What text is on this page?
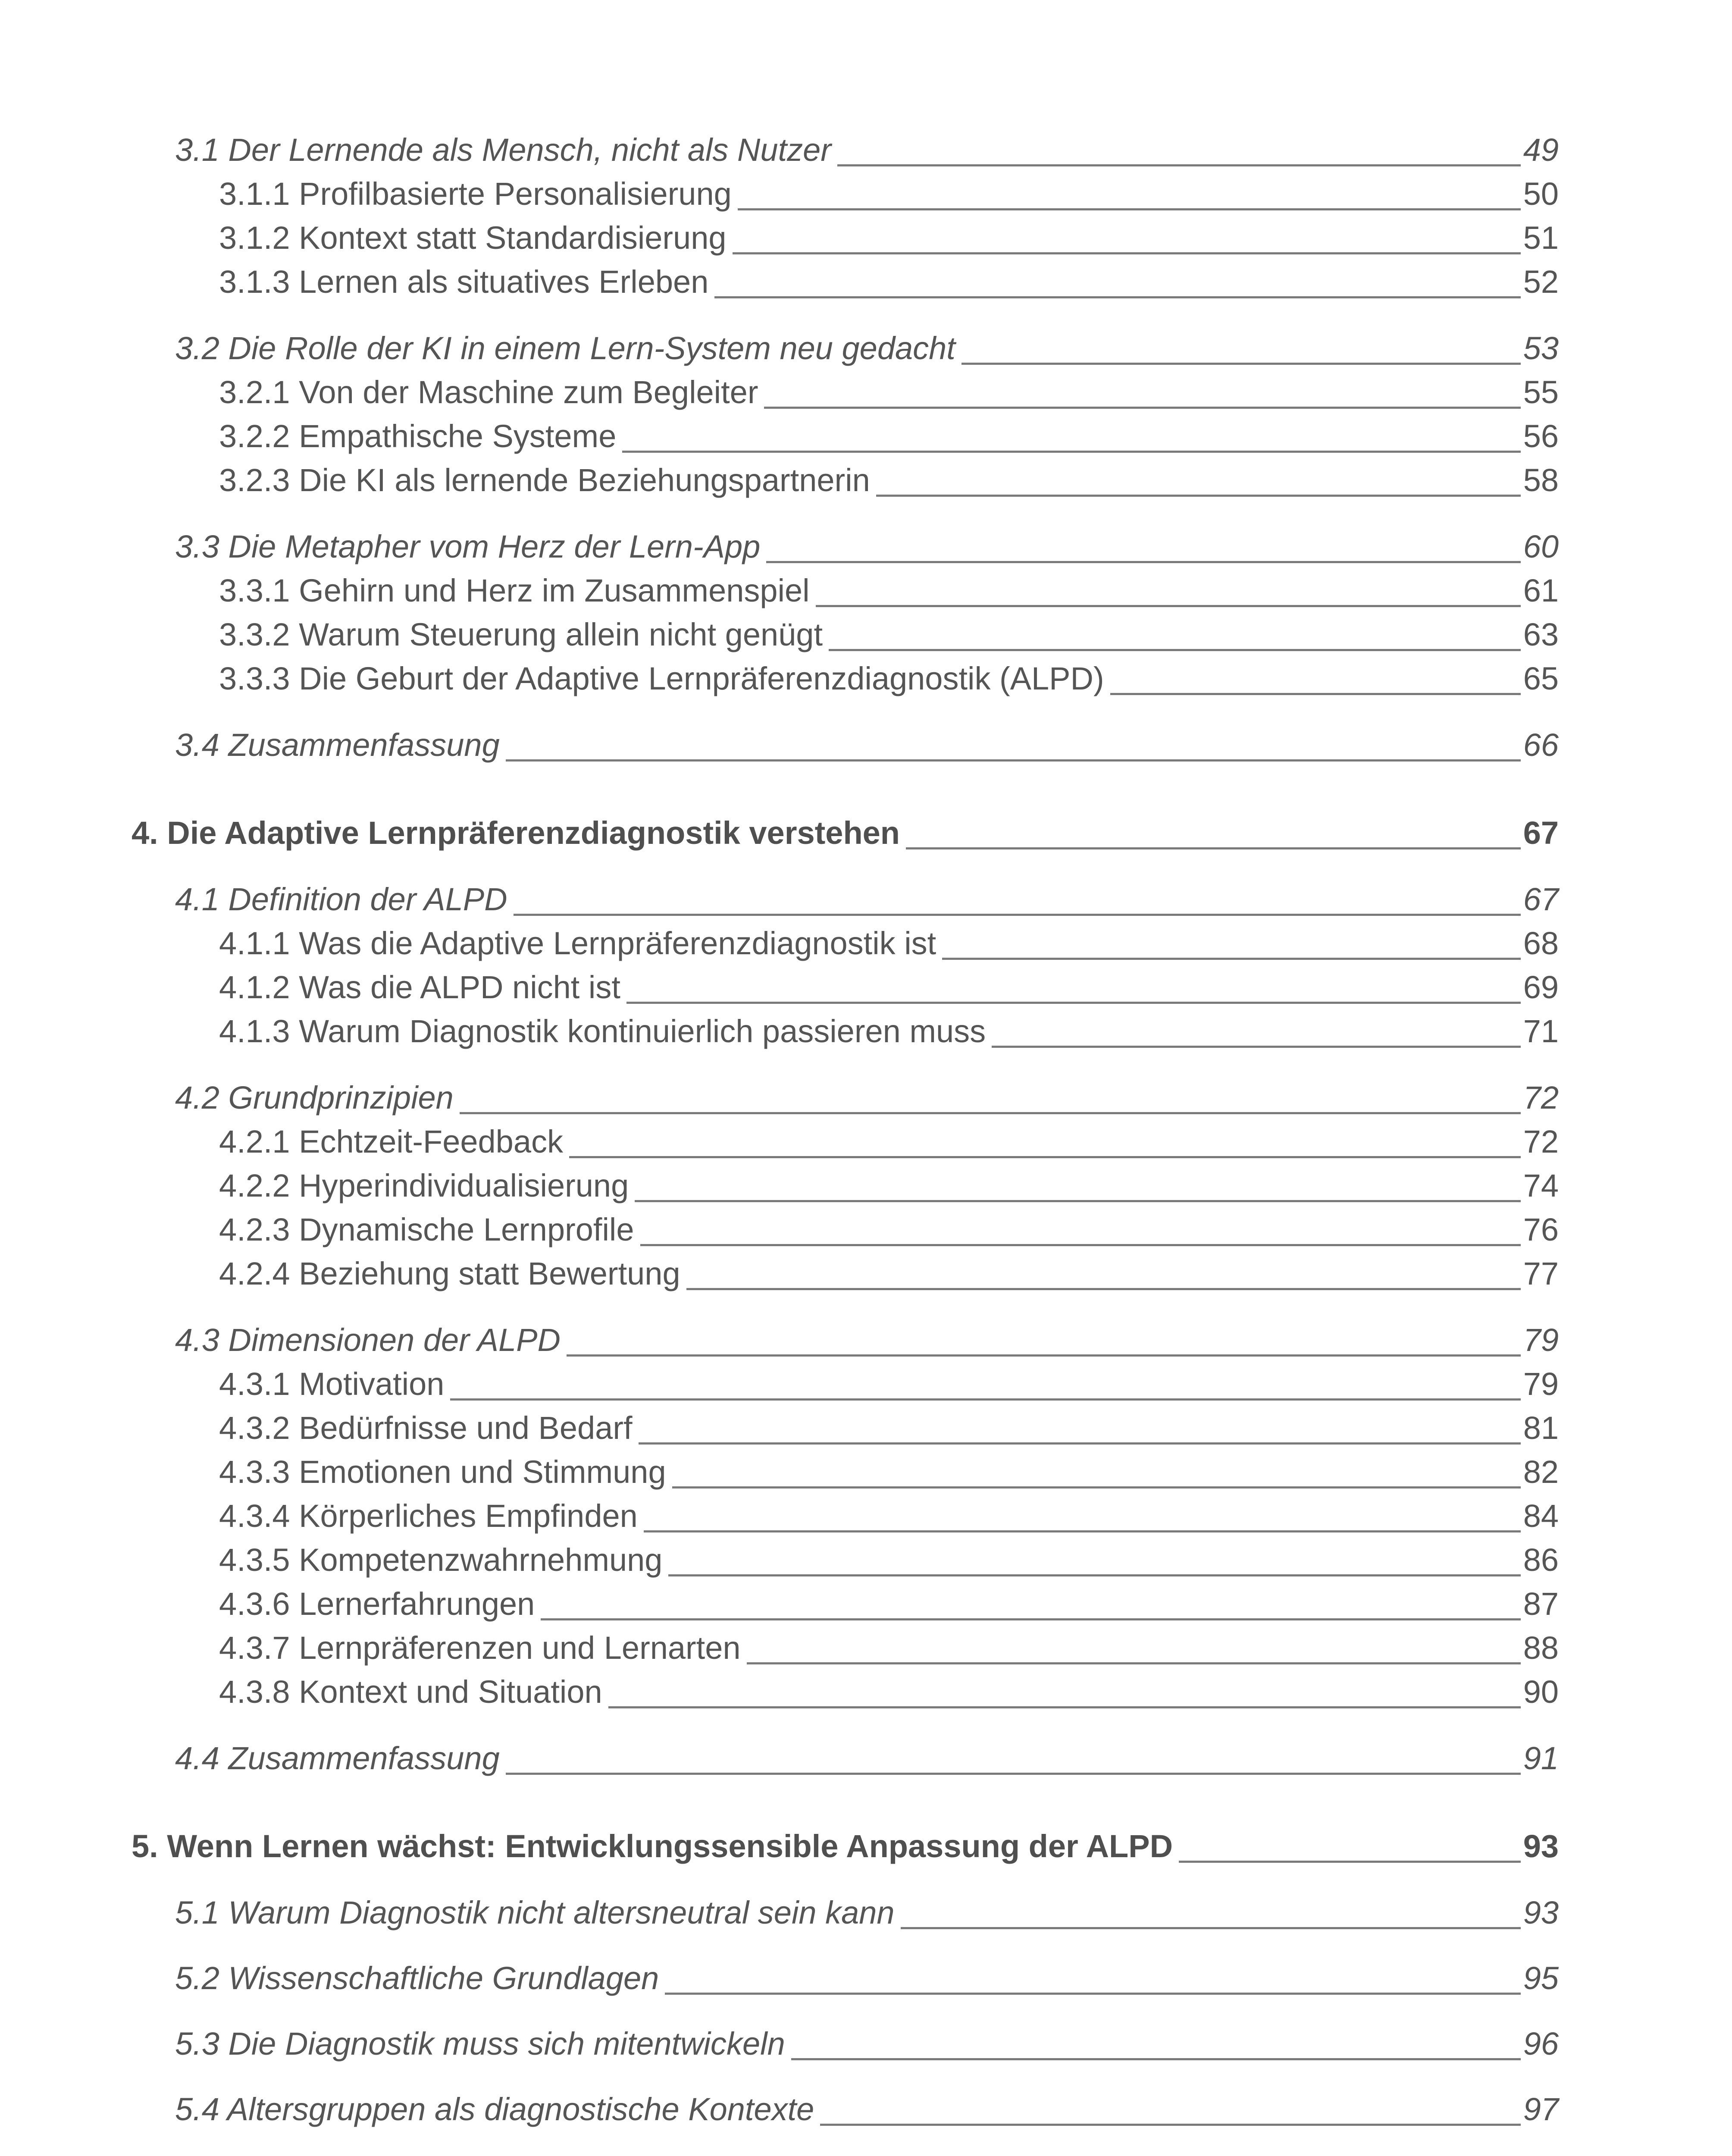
3.1 Der Lernende als Mensch, nicht als Nutzer	49
3.1.1 Profilbasierte Personalisierung	50
3.1.2 Kontext statt Standardisierung	51
3.1.3 Lernen als situatives Erleben	52
3.2 Die Rolle der KI in einem Lern-System neu gedacht	53
3.2.1 Von der Maschine zum Begleiter	55
3.2.2 Empathische Systeme	56
3.2.3 Die KI als lernende Beziehungspartnerin	58
3.3 Die Metapher vom Herz der Lern-App	60
3.3.1 Gehirn und Herz im Zusammenspiel	61
3.3.2 Warum Steuerung allein nicht genügt	63
3.3.3 Die Geburt der Adaptive Lernpräferenzdiagnostik (ALPD)	65
3.4 Zusammenfassung	66
4. Die Adaptive Lernpräferenzdiagnostik verstehen	67
4.1 Definition der ALPD	67
4.1.1 Was die Adaptive Lernpräferenzdiagnostik ist	68
4.1.2 Was die ALPD nicht ist	69
4.1.3 Warum Diagnostik kontinuierlich passieren muss	71
4.2 Grundprinzipien	72
4.2.1 Echtzeit-Feedback	72
4.2.2 Hyperindividualisierung	74
4.2.3 Dynamische Lernprofile	76
4.2.4 Beziehung statt Bewertung	77
4.3 Dimensionen der ALPD	79
4.3.1 Motivation	79
4.3.2 Bedürfnisse und Bedarf	81
4.3.3 Emotionen und Stimmung	82
4.3.4 Körperliches Empfinden	84
4.3.5 Kompetenzwahrnehmung	86
4.3.6 Lernerfahrungen	87
4.3.7 Lernpräferenzen und Lernarten	88
4.3.8 Kontext und Situation	90
4.4 Zusammenfassung	91
5. Wenn Lernen wächst: Entwicklungssensible Anpassung der ALPD	93
5.1 Warum Diagnostik nicht altersneutral sein kann	93
5.2 Wissenschaftliche Grundlagen	95
5.3 Die Diagnostik muss sich mitentwickeln	96
5.4 Altersgruppen als diagnostische Kontexte	97
